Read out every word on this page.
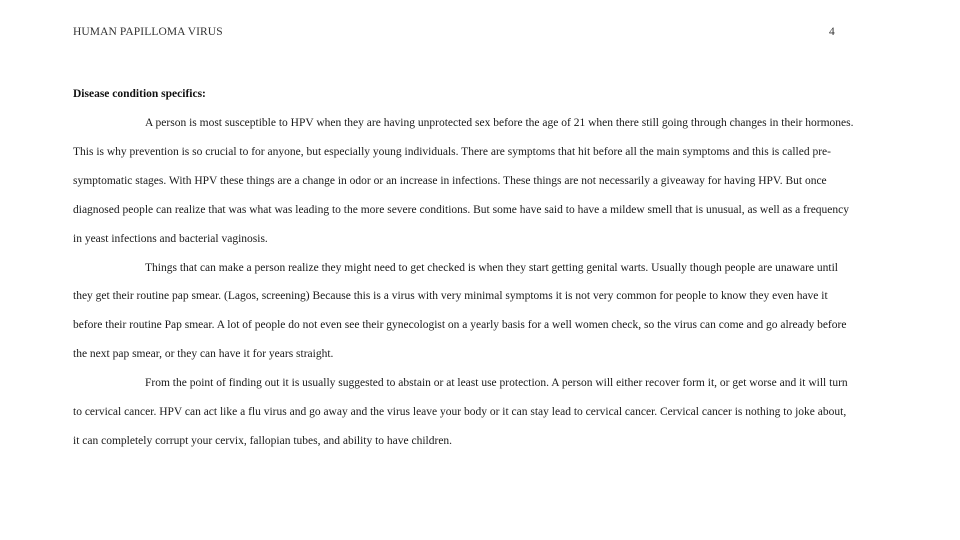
HUMAN PAPILLOMA VIRUS	4
Disease condition specifics:

A person is most susceptible to HPV when they are having unprotected sex before the age of 21 when there still going through changes in their hormones.
This is why prevention is so crucial to for anyone, but especially young individuals. There are symptoms that hit before all the main symptoms and this is called pre-
symptomatic stages. With HPV these things are a change in odor or an increase in infections. These things are not necessarily a giveaway for having HPV. But once
diagnosed people can realize that was what was leading to the more severe conditions. But some have said to have a mildew smell that is unusual, as well as a frequency
in yeast infections and bacterial vaginosis.

Things that can make a person realize they might need to get checked is when they start getting genital warts. Usually though people are unaware until
they get their routine pap smear. (Lagos, screening) Because this is a virus with very minimal symptoms it is not very common for people to know they even have it
before their routine Pap smear. A lot of people do not even see their gynecologist on a yearly basis for a well women check, so the virus can come and go already before
the next pap smear, or they can have it for years straight.

From the point of finding out it is usually suggested to abstain or at least use protection. A person will either recover form it, or get worse and it will turn
to cervical cancer. HPV can act like a flu virus and go away and the virus leave your body or it can stay lead to cervical cancer. Cervical cancer is nothing to joke about,
it can completely corrupt your cervix, fallopian tubes, and ability to have children.
